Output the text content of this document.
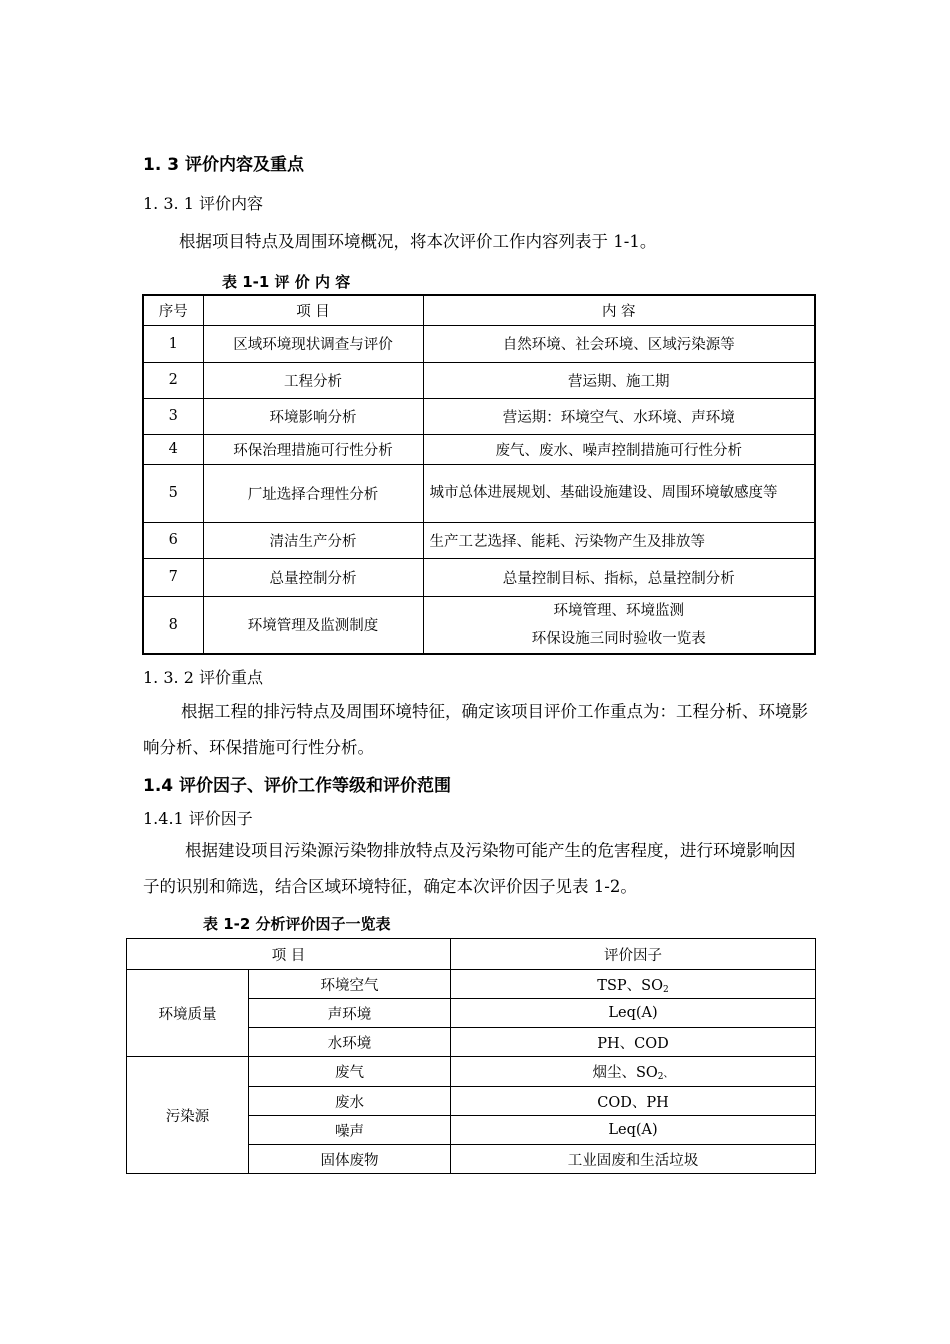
1. 3 评价内容及重点
1. 3. 1 评价内容
根据项目特点及周围环境概况，将本次评价工作内容列表于 1-1。
表 1-1 评 价 内 容
序号	项 目	内 容
1	区域环境现状调查与评价	自然环境、社会环境、区域污染源等
2	工程分析	营运期、施工期
3	环境影响分析	营运期：环境空气、水环境、声环境
4	环保治理措施可行性分析	废气、废水、噪声控制措施可行性分析
5	厂址选择合理性分析	城市总体进展规划、基础设施建设、周围环境敏感度等
6	清洁生产分析	生产工艺选择、能耗、污染物产生及排放等
7	总量控制分析	总量控制目标、指标，总量控制分析
8	环境管理及监测制度	环境管理、环境监测
环保设施三同时验收一览表
1. 3. 2 评价重点
根据工程的排污特点及周围环境特征，确定该项目评价工作重点为：工程分析、环境影响分析、环保措施可行性分析。
1.4 评价因子、评价工作等级和评价范围
1.4.1 评价因子
根据建设项目污染源污染物排放特点及污染物可能产生的危害程度，进行环境影响因子的识别和筛选，结合区域环境特征，确定本次评价因子见表 1-2。
表 1-2 分析评价因子一览表
项 目		评价因子
环境质量	环境空气	TSP、$SO_2$
	声环境	Leq(A)
	水环境	PH、COD
污染源	废气	烟尘、$SO_2$、
	废水	COD、PH
	噪声	Leq(A)
	固体废物	工业固废和生活垃圾
